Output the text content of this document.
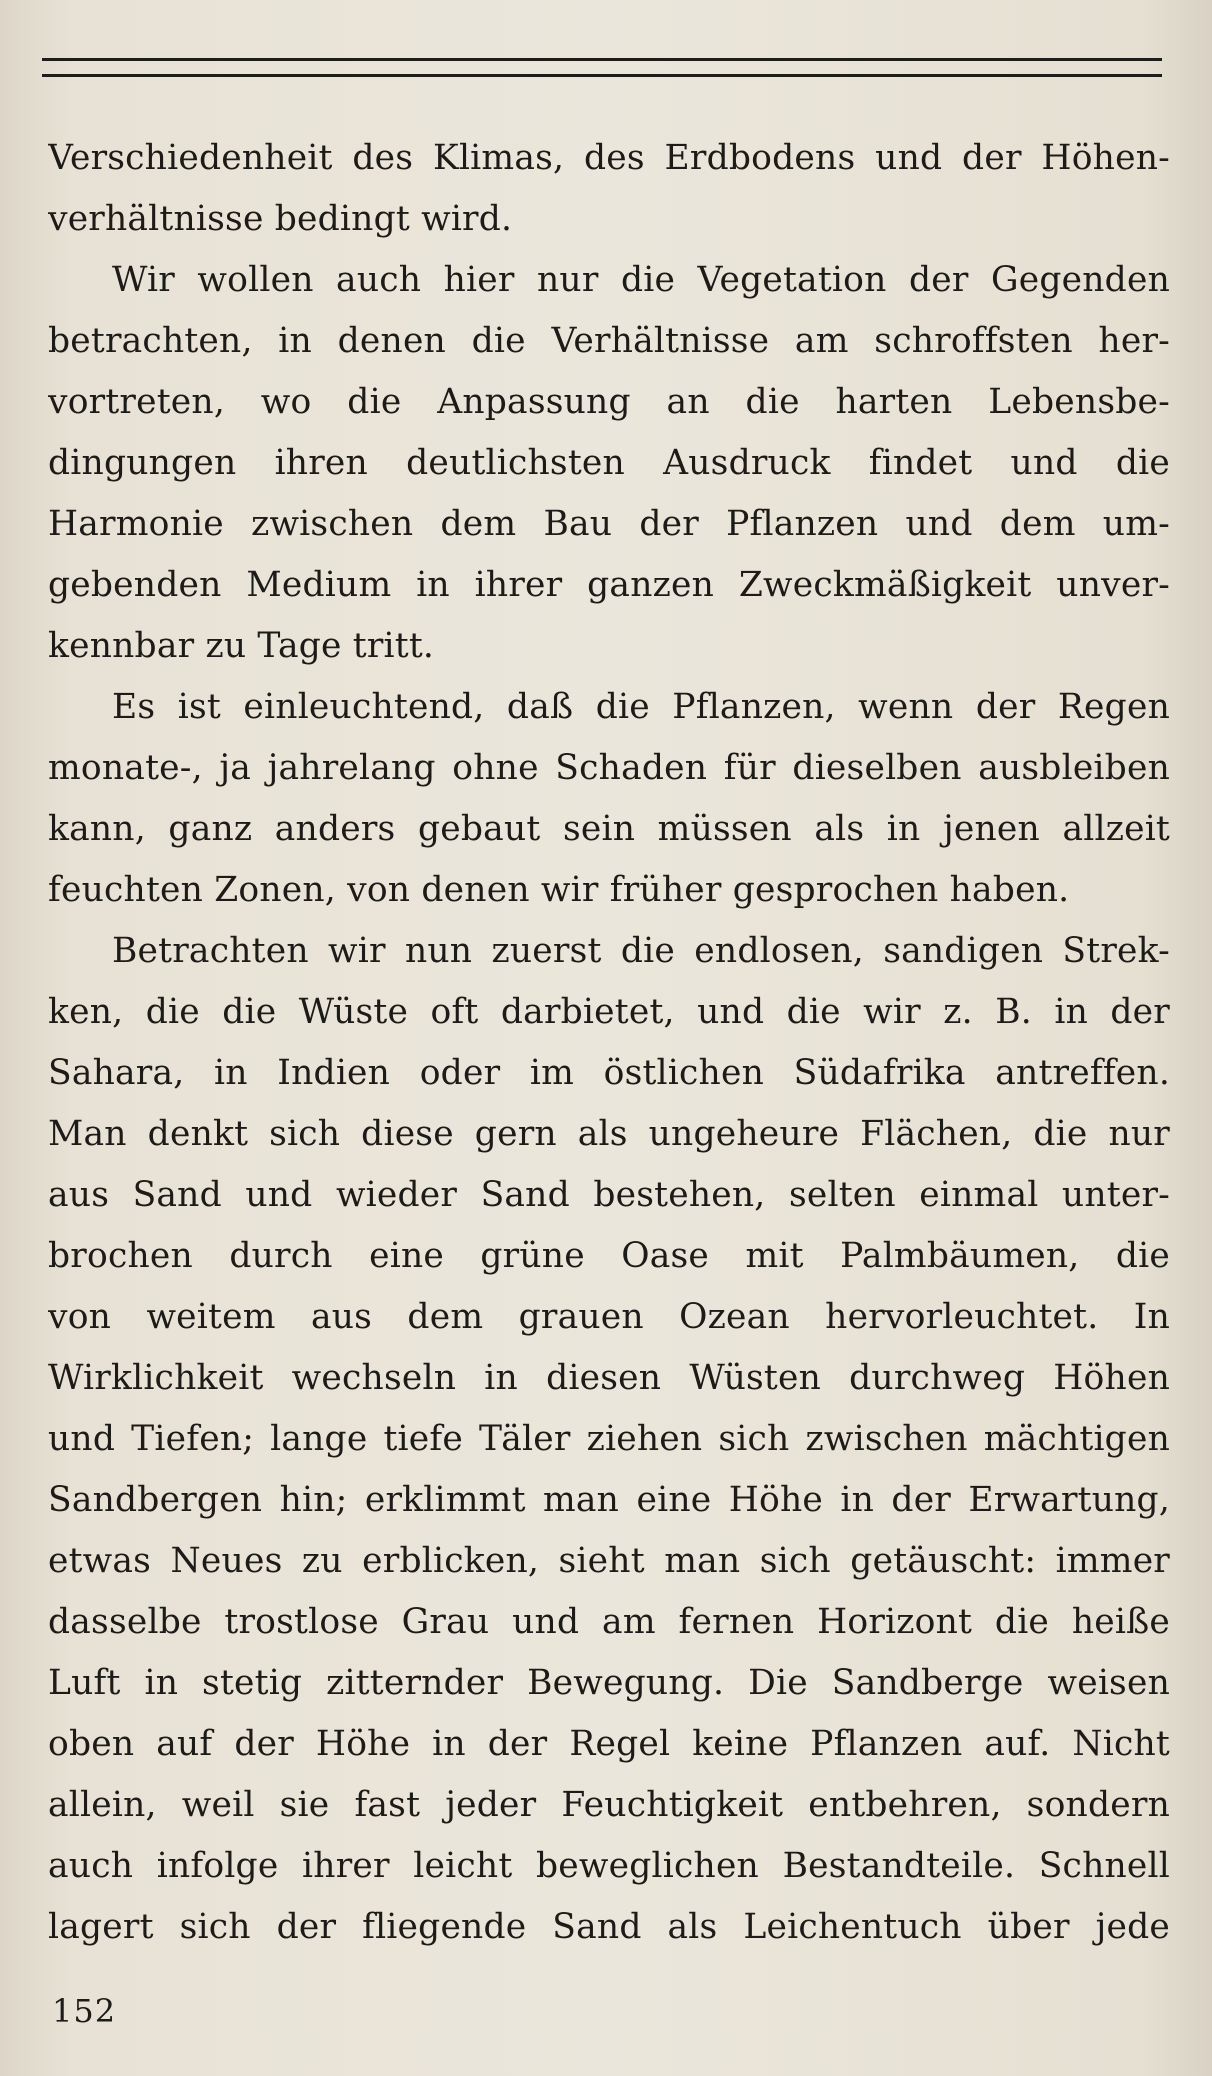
Verschiedenheit des Klimas, des Erdbodens und der Höhen-
verhältnisse bedingt wird.
Wir wollen auch hier nur die Vegetation der Gegenden
betrachten, in denen die Verhältnisse am schroffsten her-
vortreten, wo die Anpassung an die harten Lebensbe-
dingungen ihren deutlichsten Ausdruck findet und die
Harmonie zwischen dem Bau der Pflanzen und dem um-
gebenden Medium in ihrer ganzen Zweckmäßigkeit unver-
kennbar zu Tage tritt.
Es ist einleuchtend, daß die Pflanzen, wenn der Regen
monate-, ja jahrelang ohne Schaden für dieselben ausbleiben
kann, ganz anders gebaut sein müssen als in jenen allzeit
feuchten Zonen, von denen wir früher gesprochen haben.
Betrachten wir nun zuerst die endlosen, sandigen Strek-
ken, die die Wüste oft darbietet, und die wir z. B. in der
Sahara, in Indien oder im östlichen Südafrika antreffen.
Man denkt sich diese gern als ungeheure Flächen, die nur
aus Sand und wieder Sand bestehen, selten einmal unter-
brochen durch eine grüne Oase mit Palmbäumen, die
von weitem aus dem grauen Ozean hervorleuchtet. In
Wirklichkeit wechseln in diesen Wüsten durchweg Höhen
und Tiefen; lange tiefe Täler ziehen sich zwischen mächtigen
Sandbergen hin; erklimmt man eine Höhe in der Erwartung,
etwas Neues zu erblicken, sieht man sich getäuscht: immer
dasselbe trostlose Grau und am fernen Horizont die heiße
Luft in stetig zitternder Bewegung. Die Sandberge weisen
oben auf der Höhe in der Regel keine Pflanzen auf. Nicht
allein, weil sie fast jeder Feuchtigkeit entbehren, sondern
auch infolge ihrer leicht beweglichen Bestandteile. Schnell
lagert sich der fliegende Sand als Leichentuch über jede
152
